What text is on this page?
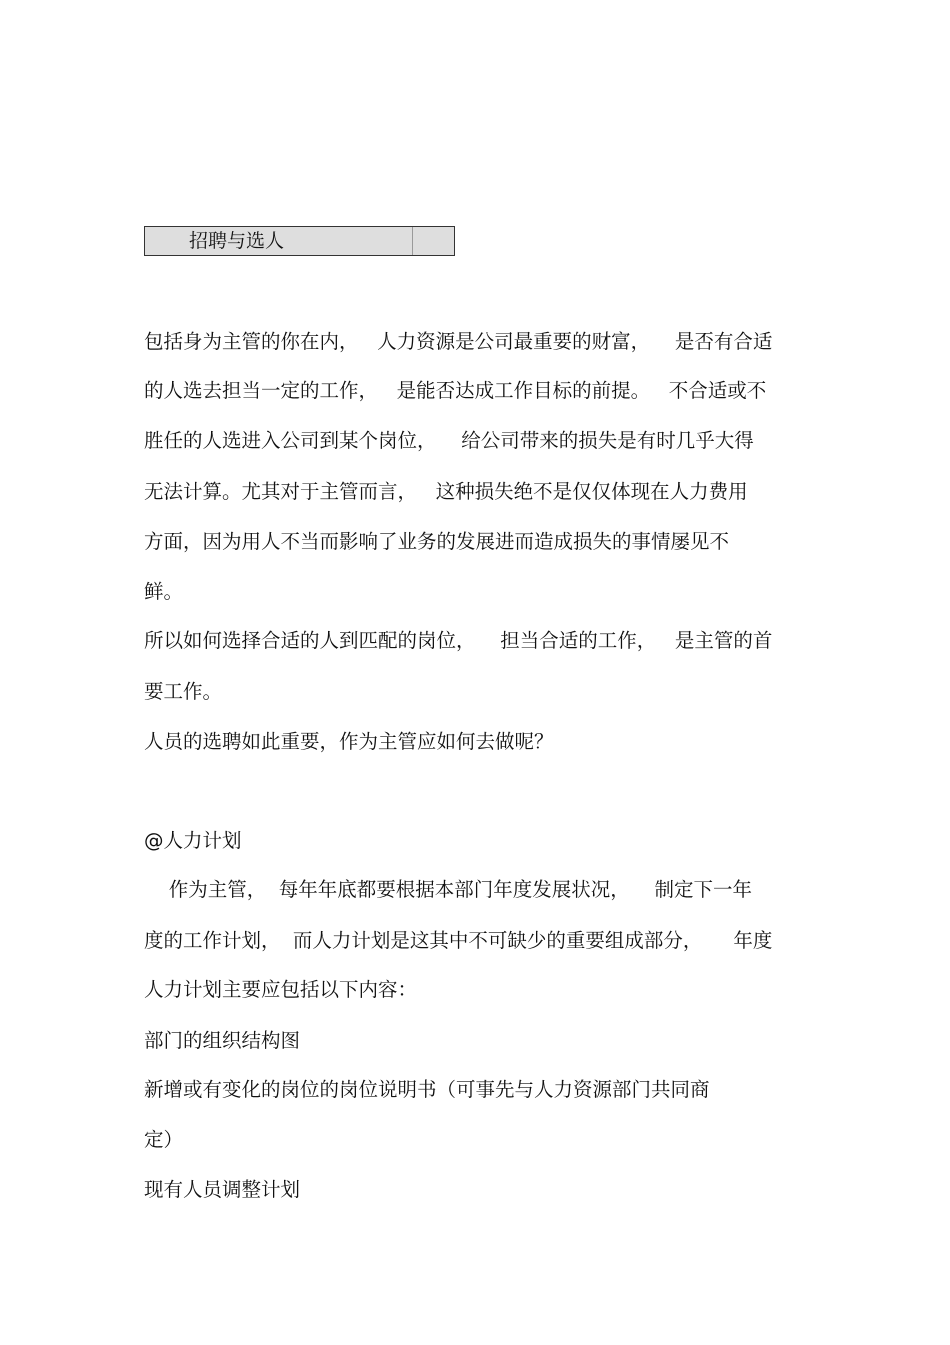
招聘与选人
包括身为主管的你在内，   人力资源是公司最重要的财富，    是否有合适
的人选去担当一定的工作，   是能否达成工作目标的前提。   不合适或不
胜任的人选进入公司到某个岗位，    给公司带来的损失是有时几乎大得
无法计算。尤其对于主管而言，   这种损失绝不是仅仅体现在人力费用
方面，因为用人不当而影响了业务的发展进而造成损失的事情屡见不
鲜。
所以如何选择合适的人到匹配的岗位，    担当合适的工作，   是主管的首
要工作。
人员的选聘如此重要，作为主管应如何去做呢？
@人力计划
作为主管，  每年年底都要根据本部门年度发展状况，    制定下一年
度的工作计划，  而人力计划是这其中不可缺少的重要组成部分，     年度
人力计划主要应包括以下内容：
部门的组织结构图
新增或有变化的岗位的岗位说明书（可事先与人力资源部门共同商
定）
现有人员调整计划
